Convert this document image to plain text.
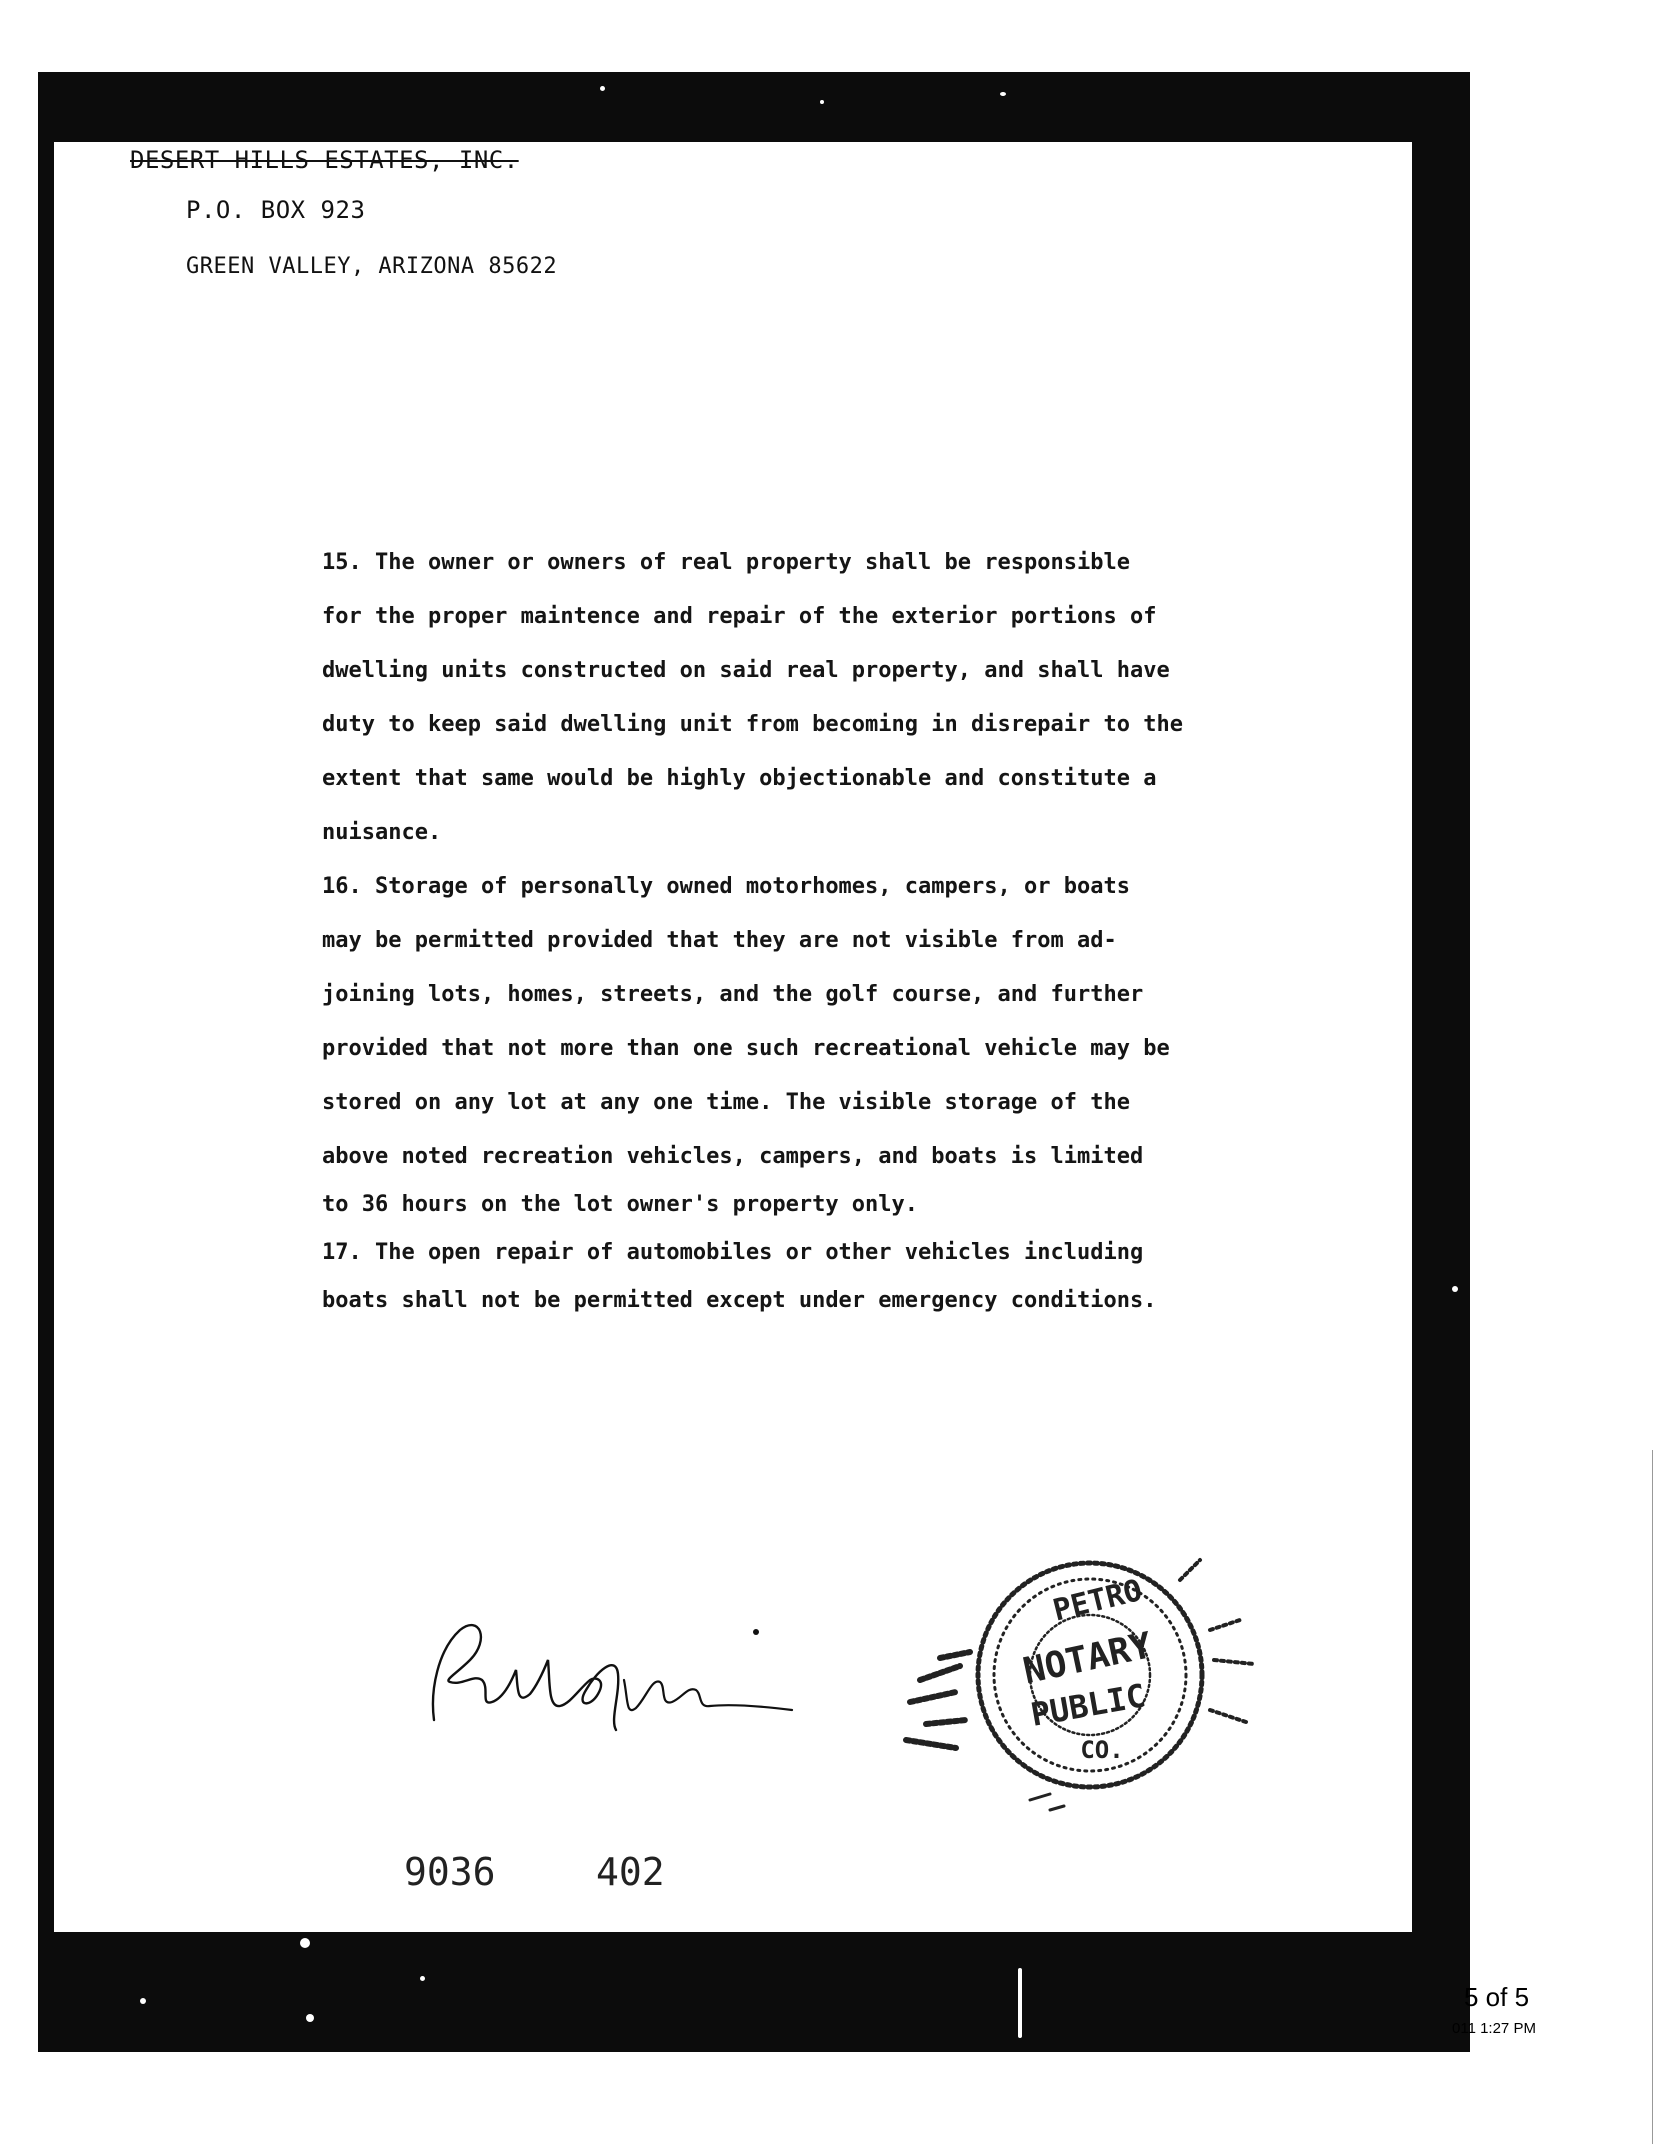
DESERT HILLS ESTATES, INC.
P.O. BOX 923
GREEN VALLEY, ARIZONA 85622
15. The owner or owners of real property shall be responsible
for the proper maintence and repair of the exterior portions of
dwelling units constructed on said real property, and shall have
duty to keep said dwelling unit from becoming in disrepair to the
extent that same would be highly objectionable and constitute a
nuisance.
16. Storage of personally owned motorhomes, campers, or boats
may be permitted provided that they are not visible from ad-
joining lots, homes, streets, and the golf course, and further
provided that not more than one such recreational vehicle may be
stored on any lot at any one time. The visible storage of the
above noted recreation vehicles, campers, and boats is limited
to 36 hours on the lot owner's property only.
17. The open repair of automobiles or other vehicles including
boats shall not be permitted except under emergency conditions.
PETRO
NOTARY
PUBLIC
CO.
9036	402
5 of 5
011 1:27 PM
